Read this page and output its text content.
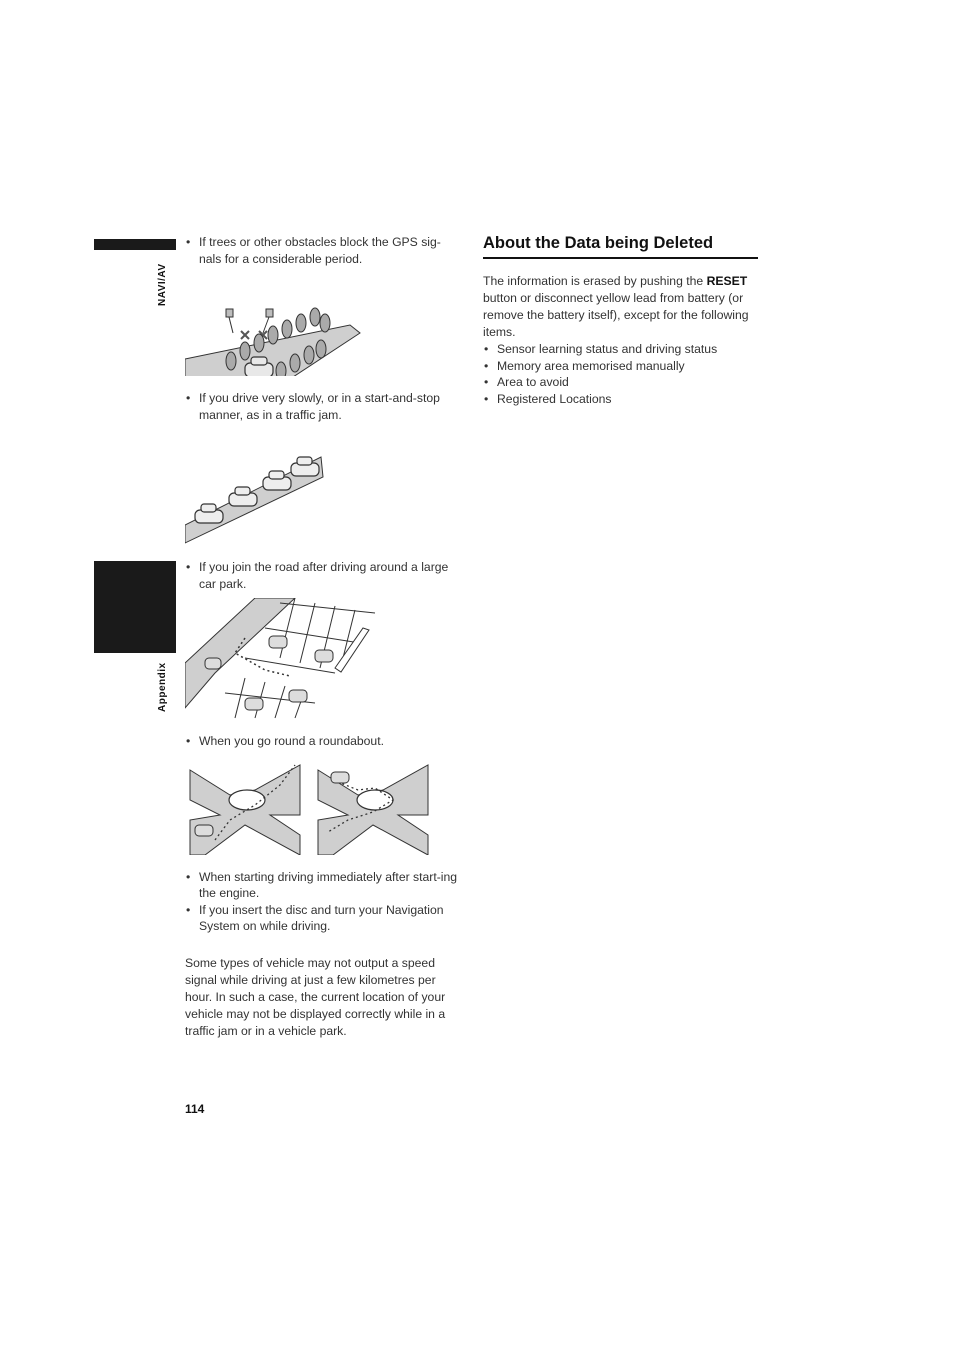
NAVI/AV
Appendix
• If trees or other obstacles block the GPS sig-nals for a considerable period.
• If you drive very slowly, or in a start-and-stop manner, as in a traffic jam.
• If you join the road after driving around a large car park.
• When you go round a roundabout.
• When starting driving immediately after start-ing the engine.
• If you insert the disc and turn your Navigation System on while driving.
Some types of vehicle may not output a speed signal while driving at just a few kilometres per hour. In such a case, the current location of your vehicle may not be displayed correctly while in a traffic jam or in a vehicle park.
About the Data being Deleted
The information is erased by pushing the RESET button or disconnect yellow lead from battery (or remove the battery itself), except for the following items.
• Sensor learning status and driving status
• Memory area memorised manually
• Area to avoid
• Registered Locations
114
